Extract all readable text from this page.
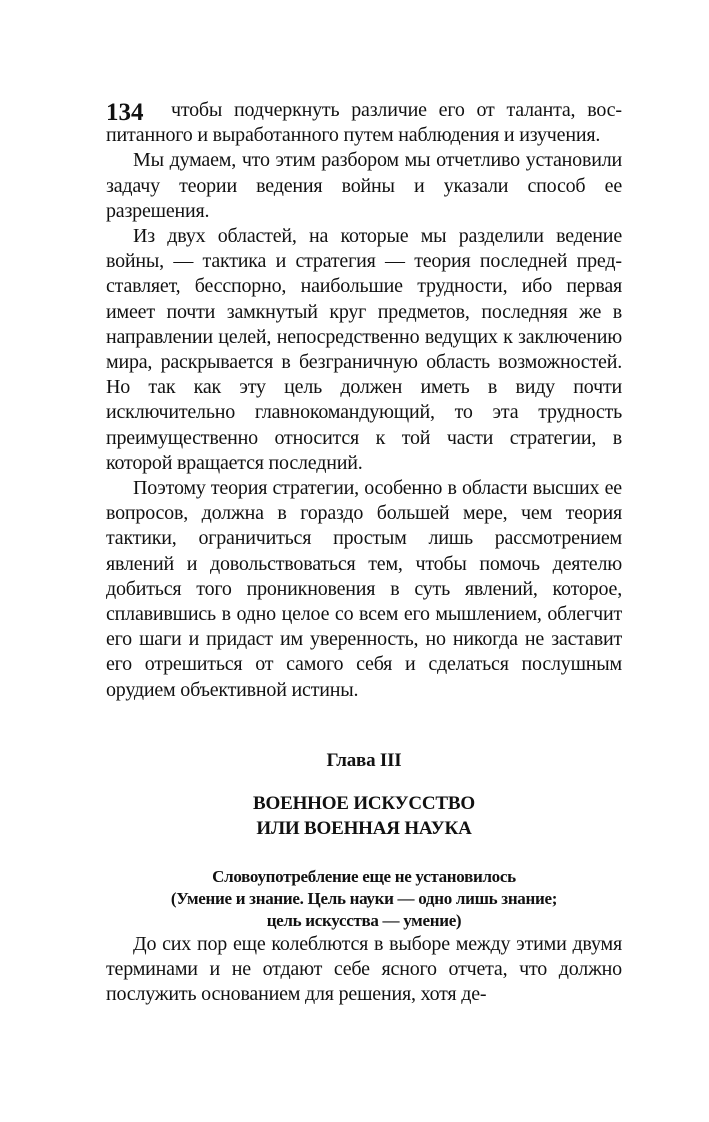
134	чтобы подчеркнуть различие его от таланта, воспитанного и выработанного путем наблюдения и изучения.

Мы думаем, что этим разбором мы отчетливо установили задачу теории ведения войны и указали способ ее разрешения.

Из двух областей, на которые мы разделили ведение войны, — тактика и стратегия — теория последней представляет, бесспорно, наибольшие трудности, ибо первая имеет почти замкнутый круг предметов, последняя же в направлении целей, непосредственно ведущих к заключению мира, раскрывается в безграничную область возможностей. Но так как эту цель должен иметь в виду почти исключительно главнокомандующий, то эта трудность преимущественно относится к той части стратегии, в которой вращается последний.

Поэтому теория стратегии, особенно в области высших ее вопросов, должна в гораздо большей мере, чем теория тактики, ограничиться простым лишь рассмотрением явлений и довольствоваться тем, чтобы помочь деятелю добиться того проникновения в суть явлений, которое, сплавившись в одно целое со всем его мышлением, облегчит его шаги и придаст им уверенность, но никогда не заставит его отрешиться от самого себя и сделаться послушным орудием объективной истины.

Глава III
ВОЕННОЕ ИСКУССТВО
ИЛИ ВОЕННАЯ НАУКА
Словоупотребление еще не установилось
(Умение и знание. Цель науки — одно лишь знание;
цель искусства — умение)

До сих пор еще колеблются в выборе между этими двумя терминами и не отдают себе ясного отчета, что должно послужить основанием для решения, хотя де-
